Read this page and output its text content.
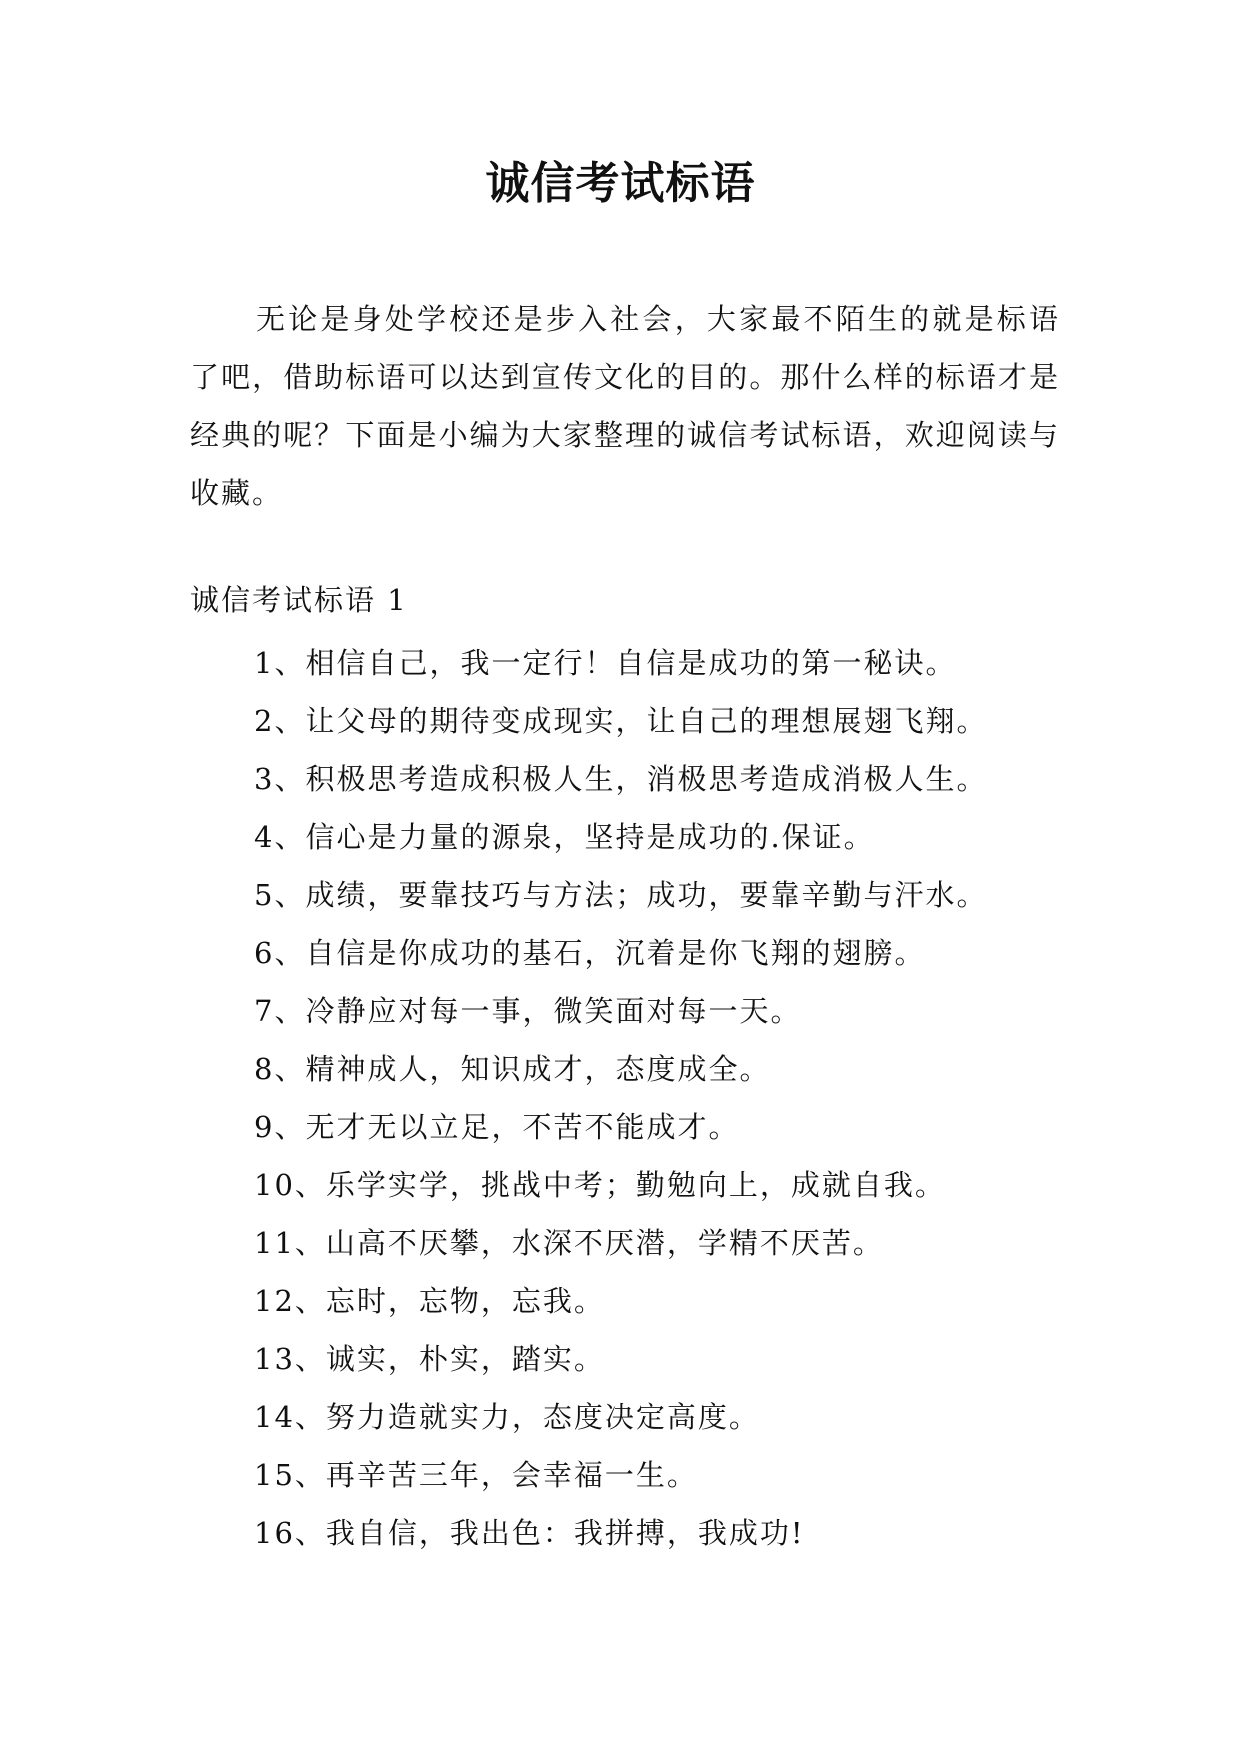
诚信考试标语

无论是身处学校还是步入社会，大家最不陌生的就是标语了吧，借助标语可以达到宣传文化的目的。那什么样的标语才是经典的呢？下面是小编为大家整理的诚信考试标语，欢迎阅读与收藏。

诚信考试标语 1
1、相信自己，我一定行！自信是成功的第一秘诀。
2、让父母的期待变成现实，让自己的理想展翅飞翔。
3、积极思考造成积极人生，消极思考造成消极人生。
4、信心是力量的源泉，坚持是成功的.保证。
5、成绩，要靠技巧与方法；成功，要靠辛勤与汗水。
6、自信是你成功的基石，沉着是你飞翔的翅膀。
7、冷静应对每一事，微笑面对每一天。
8、精神成人，知识成才，态度成全。
9、无才无以立足，不苦不能成才。
10、乐学实学，挑战中考；勤勉向上，成就自我。
11、山高不厌攀，水深不厌潜，学精不厌苦。
12、忘时，忘物，忘我。
13、诚实，朴实，踏实。
14、努力造就实力，态度决定高度。
15、再辛苦三年，会幸福一生。
16、我自信，我出色：我拼搏，我成功!
